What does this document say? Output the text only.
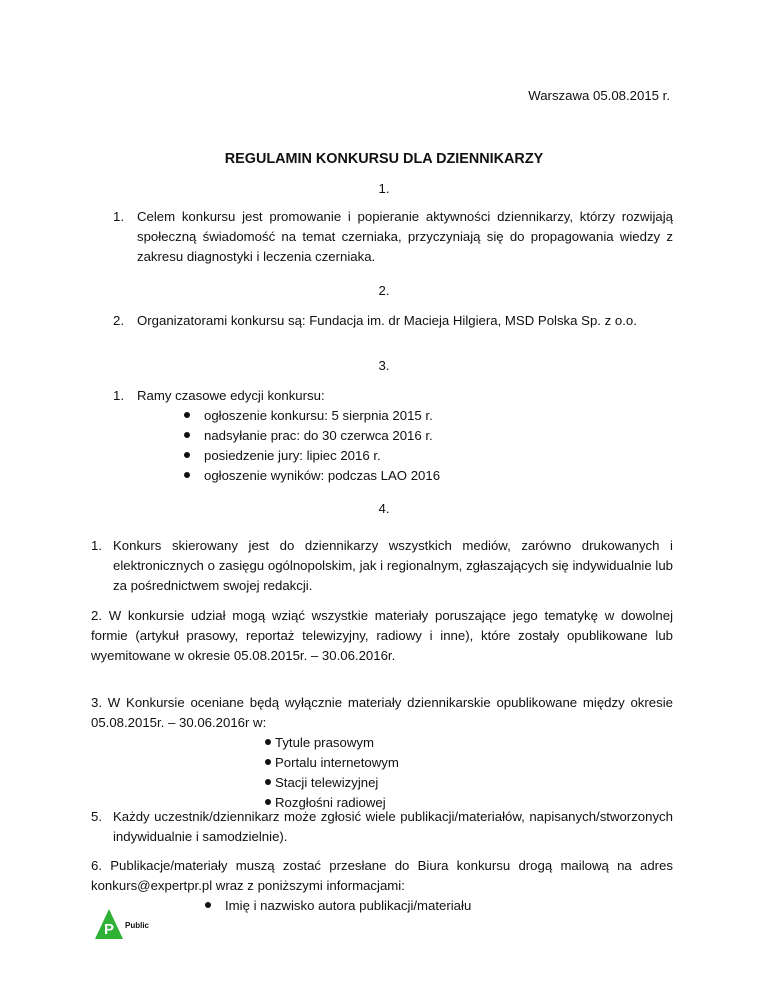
Warszawa 05.08.2015 r.
REGULAMIN KONKURSU DLA DZIENNIKARZY
1.
1. Celem konkursu jest promowanie i popieranie aktywności dziennikarzy, którzy rozwijają społeczną świadomość na temat czerniaka, przyczyniają się do propagowania wiedzy z zakresu diagnostyki i leczenia czerniaka.
2.
2. Organizatorami konkursu są: Fundacja im. dr Macieja Hilgiera, MSD Polska Sp. z o.o.
3.
1. Ramy czasowe edycji konkursu:
ogłoszenie konkursu: 5 sierpnia 2015 r.
nadsyłanie prac: do 30 czerwca 2016 r.
posiedzenie jury: lipiec 2016 r.
ogłoszenie wyników: podczas LAO 2016
4.
1. Konkurs skierowany jest do dziennikarzy wszystkich mediów, zarówno drukowanych i elektronicznych o zasięgu ogólnopolskim, jak i regionalnym, zgłaszających się indywidualnie lub za pośrednictwem swojej redakcji.
2. W konkursie udział mogą wziąć wszystkie materiały poruszające jego tematykę w dowolnej formie (artykuł prasowy, reportaż telewizyjny, radiowy i inne), które zostały opublikowane lub wyemitowane w okresie 05.08.2015r. – 30.06.2016r.
3. W Konkursie oceniane będą wyłącznie materiały dziennikarskie opublikowane między okresie 05.08.2015r. – 30.06.2016r w:
Tytule prasowym
Portalu internetowym
Stacji telewizyjnej
Rozgłośni radiowej
5. Każdy uczestnik/dziennikarz może zgłosić wiele publikacji/materiałów, napisanych/stworzonych indywidualnie i samodzielnie).
6. Publikacje/materiały muszą zostać przesłane do Biura konkursu drogą mailową na adres konkurs@expertpr.pl wraz z poniższymi informacjami:
Imię i nazwisko autora publikacji/materiału
P Public
